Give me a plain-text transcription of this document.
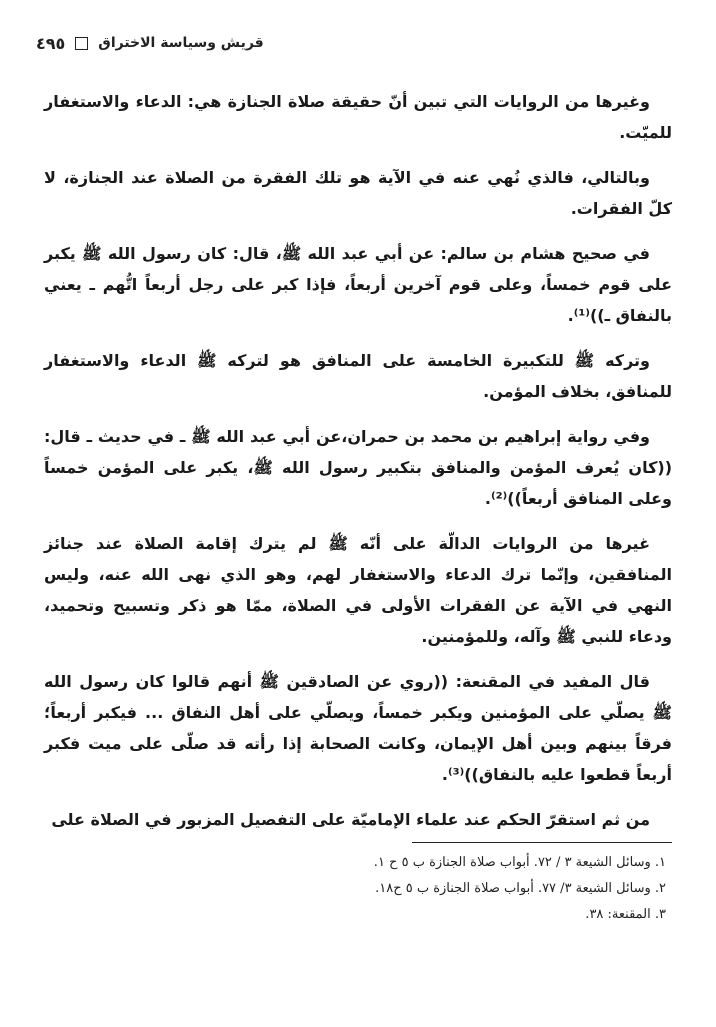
قريش وسياسة الاختراق
٤٩٥

وغيرها من الروايات التي تبين أنّ حقيقة صلاة الجنازة هي: الدعاء والاستغفار للميّت.

وبالتالي، فالذي نُهي عنه في الآية هو تلك الفقرة من الصلاة عند الجنازة، لا كلّ الفقرات.

في صحيح هشام بن سالم: عن أبي عبد الله ﷺ، قال: كان رسول الله ﷺ يكبر على قوم خمساً، وعلى قوم آخرين أربعاً، فإذا كبر على رجل أربعاً اتُّهم ـ يعني بالنفاق ـ))⁽¹⁾.

وتركه ﷺ للتكبيرة الخامسة على المنافق هو لتركه ﷺ الدعاء والاستغفار للمنافق، بخلاف المؤمن.

وفي رواية إبراهيم بن محمد بن حمران،عن أبي عبد الله ﷺ ـ في حديث ـ قال: ((كان يُعرف المؤمن والمنافق بتكبير رسول الله ﷺ، يكبر على المؤمن خمساً وعلى المنافق أربعاً))⁽²⁾.

غيرها من الروايات الدالّة على أنّه ﷺ لم يترك إقامة الصلاة عند جنائز المنافقين، وإنّما ترك الدعاء والاستغفار لهم، وهو الذي نهى الله عنه، وليس النهي في الآية عن الفقرات الأولى في الصلاة، ممّا هو ذكر وتسبيح وتحميد، ودعاء للنبي ﷺ وآله، وللمؤمنين.

قال المفيد في المقنعة: ((روي عن الصادقين ﷺ أنهم قالوا كان رسول الله ﷺ يصلّي على المؤمنين ويكبر خمساً، ويصلّي على أهل النفاق ... فيكبر أربعاً؛ فرقاً بينهم وبين أهل الإيمان، وكانت الصحابة إذا رأته قد صلّى على ميت فكبر أربعاً قطعوا عليه بالنفاق))⁽³⁾.

من ثم استقرّ الحكم عند علماء الإماميّة على التفصيل المزبور في الصلاة على

١. وسائل الشيعة ٣ / ٧٢. أبواب صلاة الجنازة ب ٥ ح ١.

٢. وسائل الشيعة ٣/ ٧٧. أبواب صلاة الجنازة ب ٥ ح١٨.

٣. المقنعة: ٣٨.
